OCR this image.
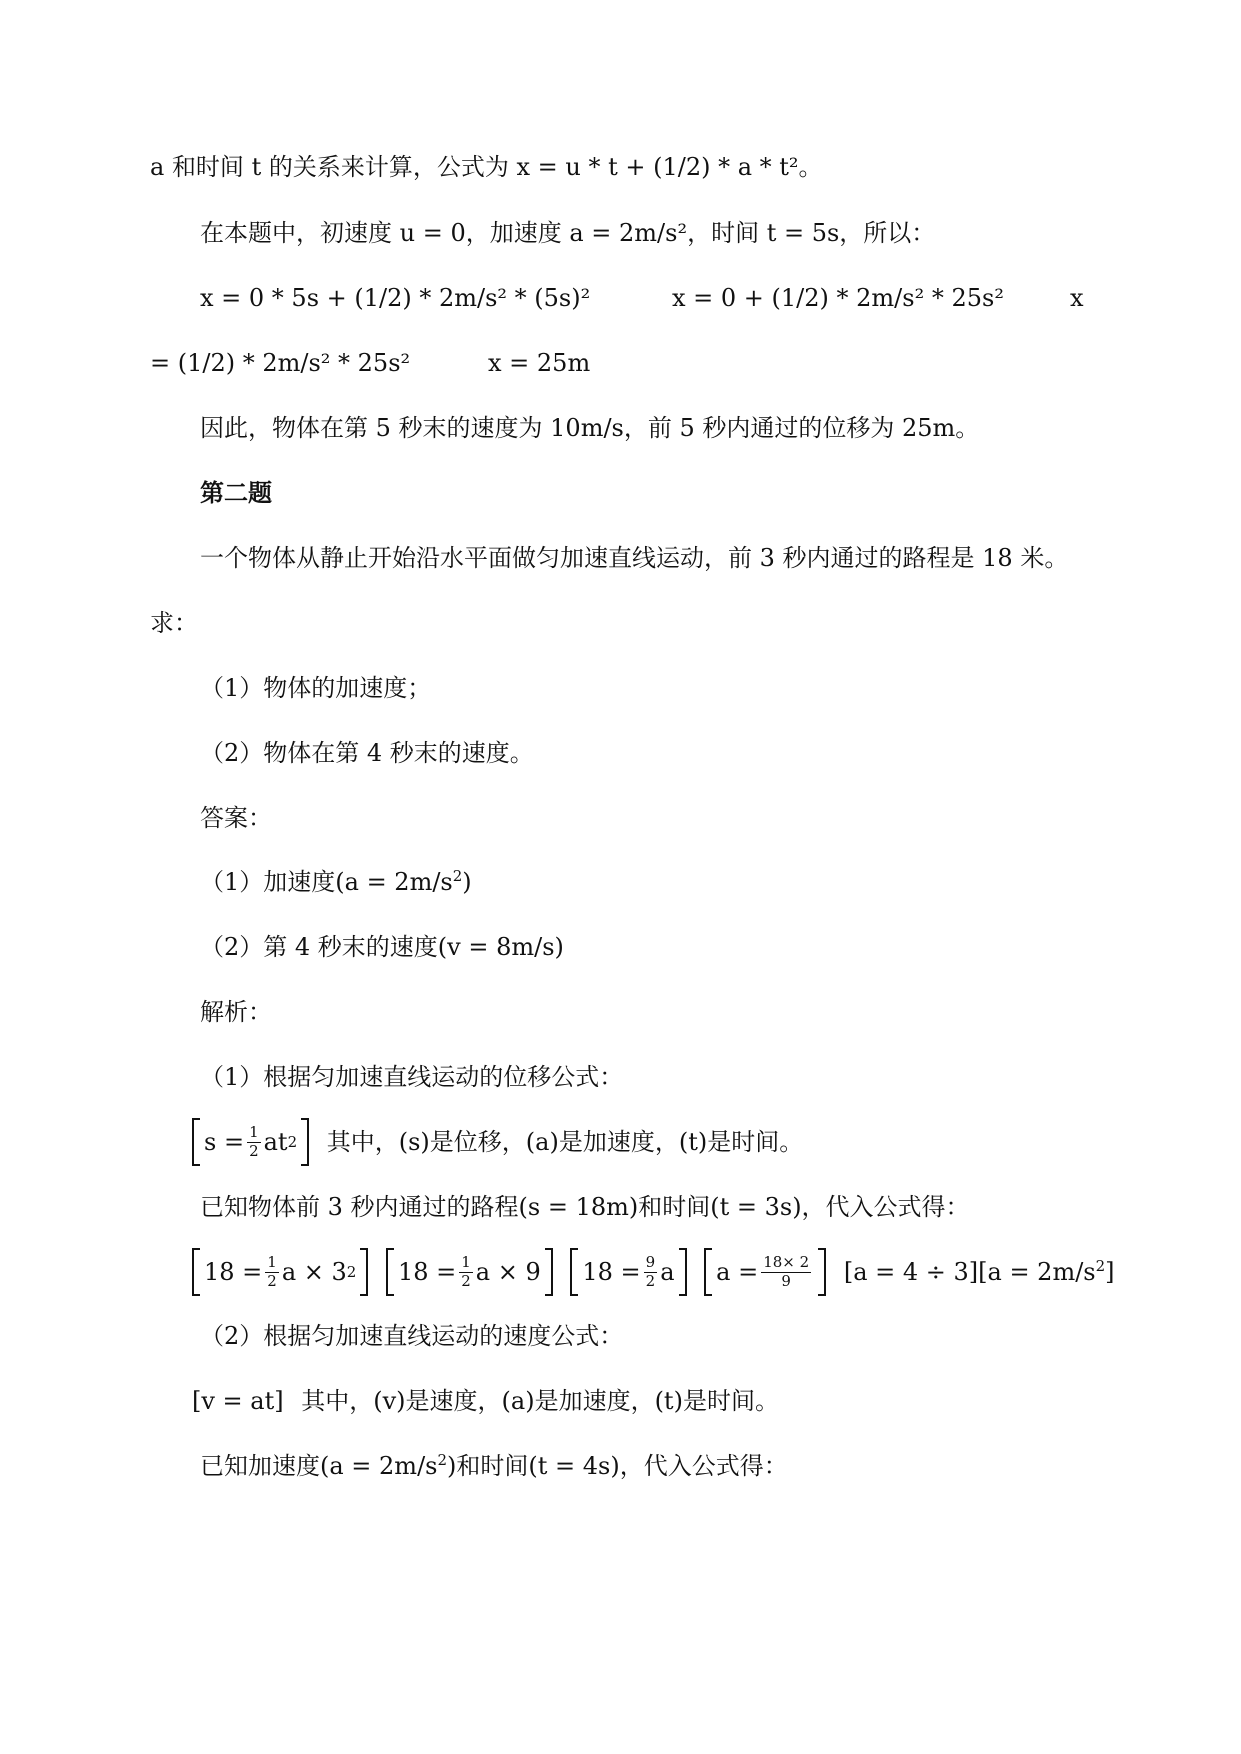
a 和时间 t 的关系来计算，公式为 x = u * t + (1/2) * a * t²。
在本题中，初速度 u = 0，加速度 a = 2m/s²，时间 t = 5s，所以：
x = 0 * 5s + (1/2) * 2m/s² * (5s)²	x = 0 + (1/2) * 2m/s² * 25s²	x
= (1/2) * 2m/s² * 25s²	x = 25m
因此，物体在第 5 秒末的速度为 10m/s，前 5 秒内通过的位移为 25m。
第二题
一个物体从静止开始沿水平面做匀加速直线运动，前 3 秒内通过的路程是 18 米。
求：
（1）物体的加速度；
（2）物体在第 4 秒末的速度。
答案：
（1）加速度$(a = 2m/s^2)$
（2）第 4 秒末的速度(v = 8m/s)
解析：
（1）根据匀加速直线运动的位移公式：
$s = \frac{1}{2}$ at 2 其中，(s)是位移，(a)是加速度，(t)是时间。
已知物体前 3 秒内通过的路程(s = 18m)和时间(t = 3s)，代入公式得：
$18 = \frac{1}{2}$ a × 3 2
$18 = \frac{1}{2}$ a × 9
$18 = \frac{9}{2}$ a
$a = \frac{18\times 2}{9} [a = 4 \div 3][a = 2m/s^2]$
（2）根据匀加速直线运动的速度公式：
[v = at] 其中，(v)是速度，(a)是加速度，(t)是时间。
已知加速度$(a = 2m/s^2)$和时间(t = 4s)，代入公式得：
